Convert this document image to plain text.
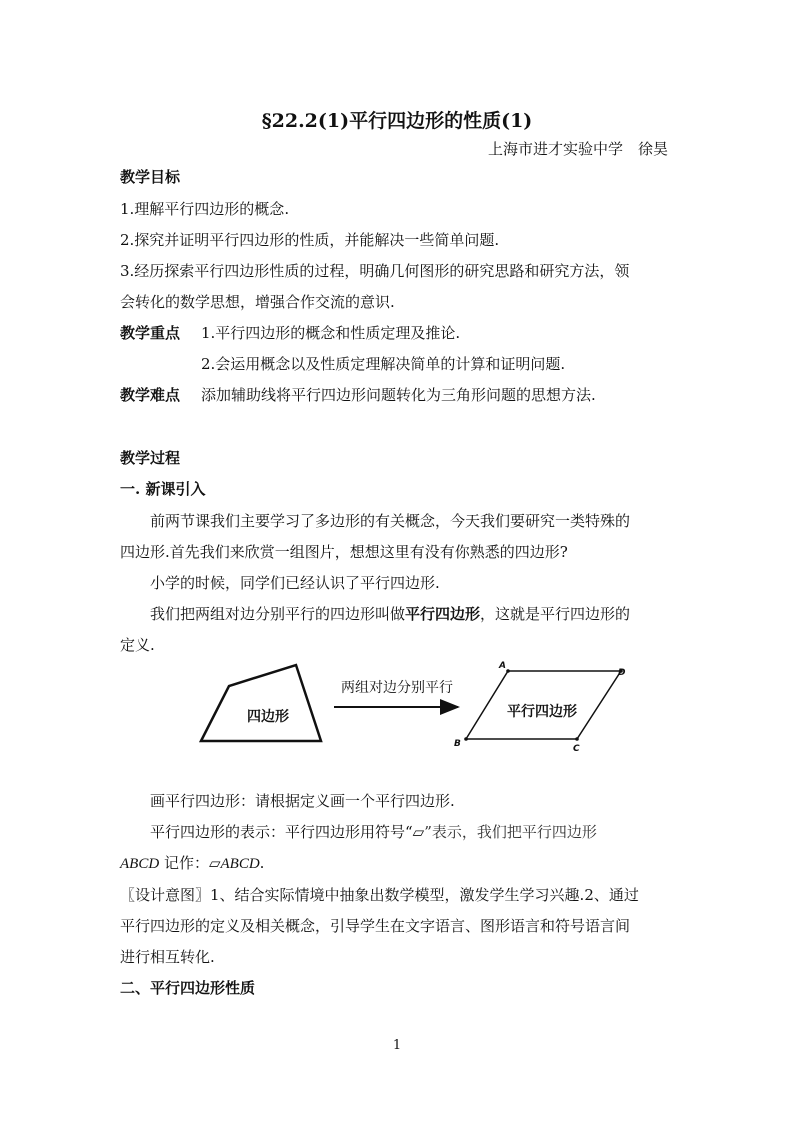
§22.2(1)平行四边形的性质(1)
上海市进才实验中学　徐昊
教学目标
1.理解平行四边形的概念.
2.探究并证明平行四边形的性质，并能解决一些简单问题.
3.经历探索平行四边形性质的过程，明确几何图形的研究思路和研究方法，领
会转化的数学思想，增强合作交流的意识.
教学重点 1.平行四边形的概念和性质定理及推论.
2.会运用概念以及性质定理解决简单的计算和证明问题.
教学难点 添加辅助线将平行四边形问题转化为三角形问题的思想方法.
教学过程
一. 新课引入
前两节课我们主要学习了多边形的有关概念，今天我们要研究一类特殊的
四边形.首先我们来欣赏一组图片，想想这里有没有你熟悉的四边形?
小学的时候，同学们已经认识了平行四边形.
我们把两组对边分别平行的四边形叫做平行四边形，这就是平行四边形的
定义.
四边形
两组对边分别平行
平行四边形
A
D
B	C
画平行四边形：请根据定义画一个平行四边形.
平行四边形的表示：平行四边形用符号“▱”表示，我们把平行四边形
ABCD 记作：▱ABCD.
〖设计意图〗1、结合实际情境中抽象出数学模型，激发学生学习兴趣.2、通过
平行四边形的定义及相关概念，引导学生在文字语言、图形语言和符号语言间
进行相互转化.
二、平行四边形性质
1
